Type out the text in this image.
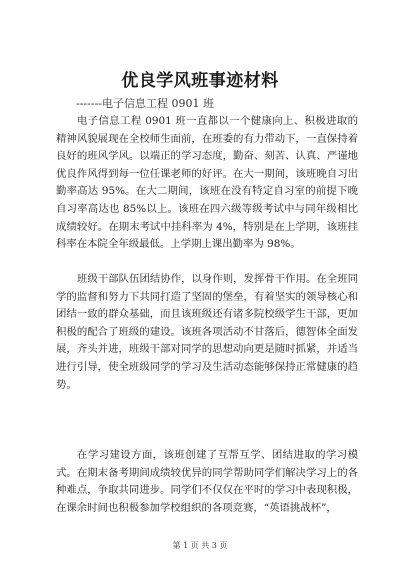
优良学风班事迹材料
-------电子信息工程 0901 班

电子信息工程 0901 班一直都以一个健康向上、积极进取的精神风貌展现在全校师生面前，在班委的有力带动下，一直保持着良好的班风学风。以端正的学习态度，勤奋、刻苦、认真、严谨地优良作风得到每一位任课老师的好评。在大一期间，该班晚自习出勤率高达 95%。在大二期间，该班在没有特定自习室的前提下晚自习率高达也 85%以上。该班在四六级等级考试中与同年级相比成绩较好。在期末考试中挂科率为 4%，特别是在上学期，该班挂科率在本院全年级最低。上学期上课出勤率为 98%。

班级干部队伍团结协作，以身作则，发挥骨干作用。在全班同学的监督和努力下共同打造了坚固的堡垒，有着坚实的领导核心和团结一致的群众基础，而且该班级还有诸多院校级学生干部，更加积极的配合了班级的建设。该班各项活动不甘落后，德智体全面发展，齐头并进，班级干部对同学的思想动向更是随时抓紧，并适当进行引导，使全班级同学的学习及生活动态能够保持正常健康的趋势。

在学习建设方面，该班创建了互帮互学、团结进取的学习模式。在期末备考期间成绩较优异的同学帮助同学们解决学习上的各种难点，争取共同进步。同学们不仅仅在平时的学习中表现积极，在课余时间也积极参加学校组织的各项竞赛，“英语挑战杯”，

第 1 页 共 3 页
